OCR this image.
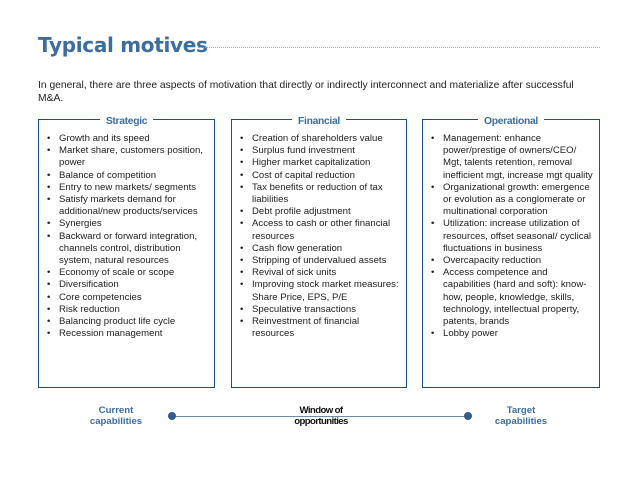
Typical motives
In general, there are three aspects of motivation that directly or indirectly interconnect and materialize after successful M&A.
Strategic
• Growth and its speed
• Market share, customers position, power
• Balance of competition
• Entry to new markets/ segments
• Satisfy markets demand for additional/new products/services
• Synergies
• Backward or forward integration, channels control, distribution system, natural resources
• Economy of scale or scope
• Diversification
• Core competencies
• Risk reduction
• Balancing product life cycle
• Recession management
Financial
• Creation of shareholders value
• Surplus fund investment
• Higher market capitalization
• Cost of capital reduction
• Tax benefits or reduction of tax liabilities
• Debt profile adjustment
• Access to cash or other financial resources
• Cash flow generation
• Stripping of undervalued assets
• Revival of sick units
• Improving stock market measures: Share Price, EPS, P/E
• Speculative transactions
• Reinvestment of financial resources
Operational
• Management: enhance power/prestige of owners/CEO/ Mgt, talents retention, removal inefficient mgt, increase mgt quality
• Organizational growth: emergence or evolution as a conglomerate or multinational corporation
• Utilization: increase utilization of resources, offset seasonal/ cyclical fluctuations in business
• Overcapacity reduction
• Access competence and capabilities (hard and soft): know-how, people, knowledge, skills, technology, intellectual property, patents, brands
• Lobby power
Current capabilities
Window of opportunities
Target capabilities
